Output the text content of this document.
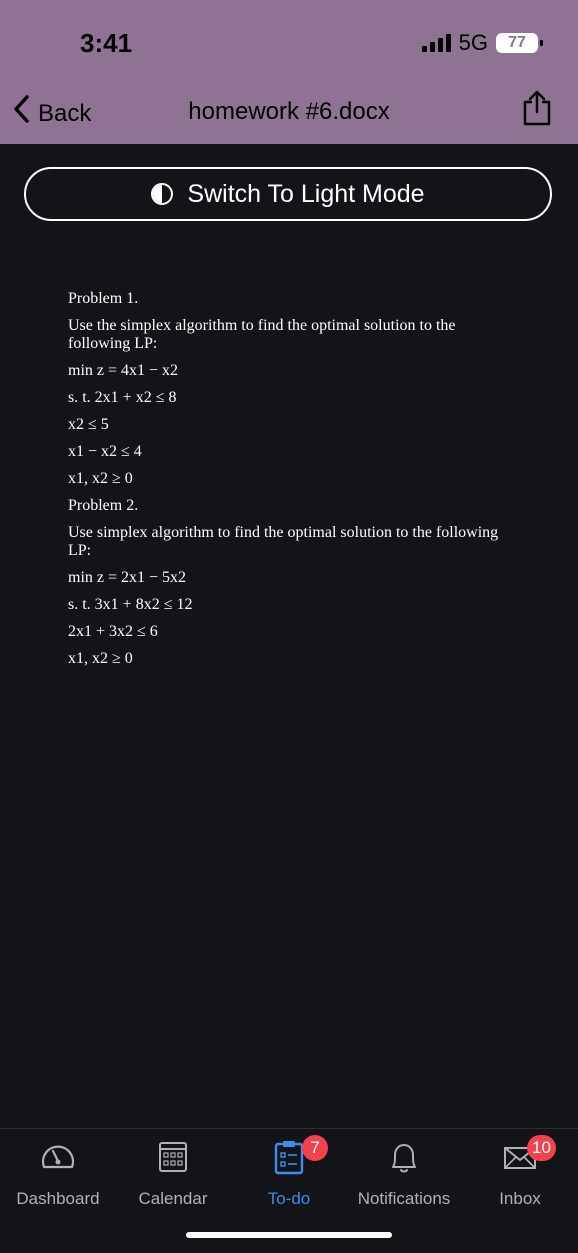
3:41	5G 77
Back	homework #6.docx
Switch To Light Mode

Problem 1.

Use the simplex algorithm to find the optimal solution to the following LP:

min z = 4x1 − x2

s. t. 2x1 + x2 ≤ 8

x2 ≤ 5

x1 − x2 ≤ 4

x1, x2 ≥ 0

Problem 2.

Use simplex algorithm to find the optimal solution to the following LP:

min z = 2x1 − 5x2

s. t. 3x1 + 8x2 ≤ 12

2x1 + 3x2 ≤ 6

x1, x2 ≥ 0

Dashboard	Calendar
7
To-do	Notifications
10
Inbox
